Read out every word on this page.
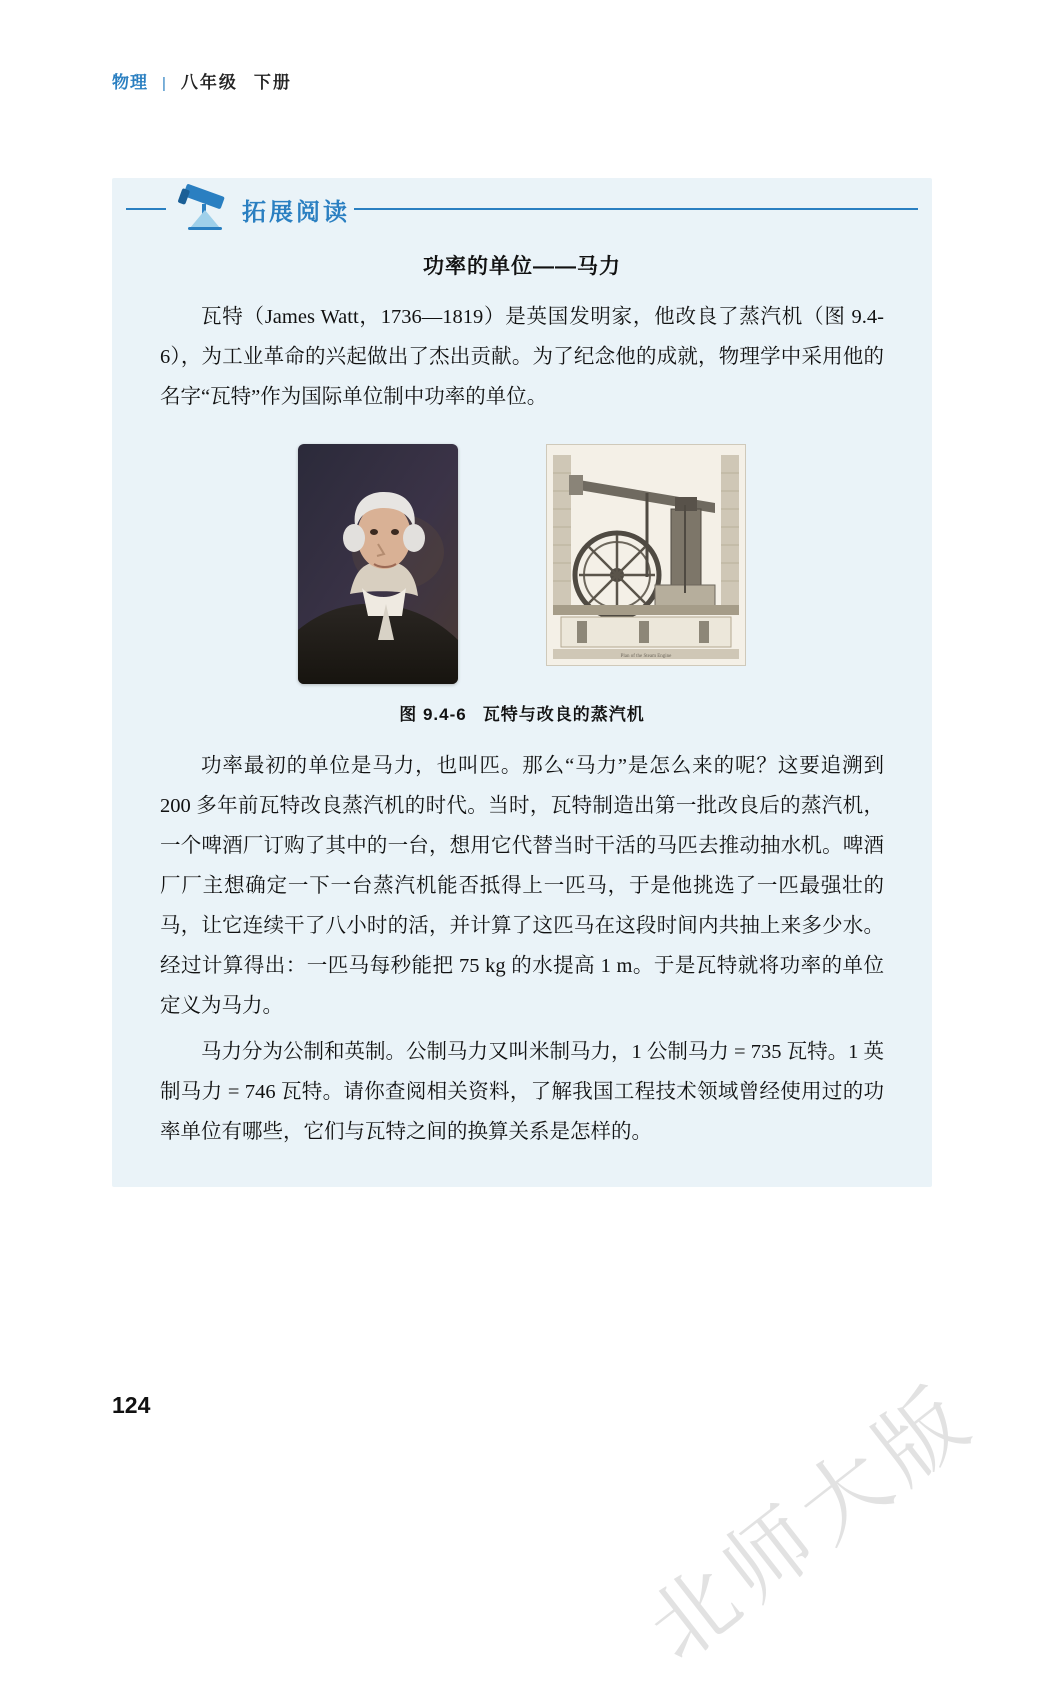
物理 | 八年级 下册
拓展阅读
功率的单位——马力

瓦特（James Watt，1736—1819）是英国发明家，他改良了蒸汽机（图 9.4-6），为工业革命的兴起做出了杰出贡献。为了纪念他的成就，物理学中采用他的名字“瓦特”作为国际单位制中功率的单位。

Plan of the Steam Engine
图 9.4-6 瓦特与改良的蒸汽机

功率最初的单位是马力，也叫匹。那么“马力”是怎么来的呢？这要追溯到 200 多年前瓦特改良蒸汽机的时代。当时，瓦特制造出第一批改良后的蒸汽机，一个啤酒厂订购了其中的一台，想用它代替当时干活的马匹去推动抽水机。啤酒厂厂主想确定一下一台蒸汽机能否抵得上一匹马，于是他挑选了一匹最强壮的马，让它连续干了八小时的活，并计算了这匹马在这段时间内共抽上来多少水。经过计算得出：一匹马每秒能把 75 kg 的水提高 1 m。于是瓦特就将功率的单位定义为马力。

马力分为公制和英制。公制马力又叫米制马力，1 公制马力 = 735 瓦特。1 英制马力 = 746 瓦特。请你查阅相关资料，了解我国工程技术领域曾经使用过的功率单位有哪些，它们与瓦特之间的换算关系是怎样的。

124	北师大版
